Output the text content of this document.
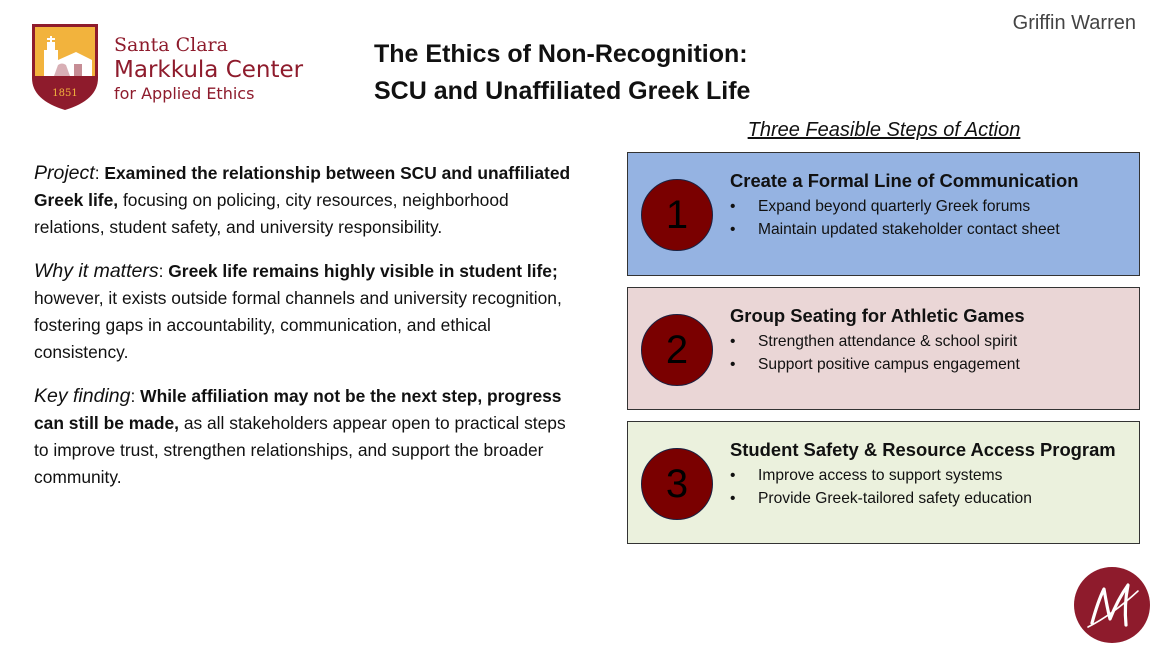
1851
Santa Clara
Markkula Center
for Applied Ethics
The Ethics of Non-Recognition:
SCU and Unaffiliated Greek Life
Griffin Warren

Project: Examined the relationship between SCU and unaffiliated Greek life, focusing on policing, city resources, neighborhood relations, student safety, and university responsibility.

Why it matters: Greek life remains highly visible in student life; however, it exists outside formal channels and university recognition, fostering gaps in accountability, communication, and ethical consistency.

Key finding: While affiliation may not be the next step, progress can still be made, as all stakeholders appear open to practical steps to improve trust, strengthen relationships, and support the broader community.

Three Feasible Steps of Action
1
Create a Formal Line of Communication
• Expand beyond quarterly Greek forums
• Maintain updated stakeholder contact sheet
2
Group Seating for Athletic Games
• Strengthen attendance & school spirit
• Support positive campus engagement
3
Student Safety & Resource Access Program
• Improve access to support systems
• Provide Greek-tailored safety education
